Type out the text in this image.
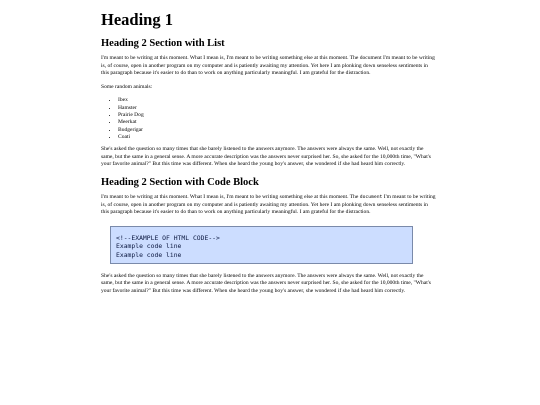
Heading 1
Heading 2 Section with List

I'm meant to be writing at this moment. What I mean is, I'm meant to be writing something else at this moment. The document I'm meant to be writing is, of course, open in another program on my computer and is patiently awaiting my attention. Yet here I am plonking down senseless sentiments in this paragraph because it's easier to do than to work on anything particularly meaningful. I am grateful for the distraction.

Some random animals:

• Ibex
• Hamster
• Prairie Dog
• Meerkat
• Budgerigar
• Coati

She's asked the question so many times that she barely listened to the answers anymore. The answers were always the same. Well, not exactly the same, but the same in a general sense. A more accurate description was the answers never surprised her. So, she asked for the 10,000th time, "What's your favorite animal?" But this time was different. When she heard the young boy's answer, she wondered if she had heard him correctly.

Heading 2 Section with Code Block

I'm meant to be writing at this moment. What I mean is, I'm meant to be writing something else at this moment. The document I'm meant to be writing is, of course, open in another program on my computer and is patiently awaiting my attention. Yet here I am plonking down senseless sentiments in this paragraph because it's easier to do than to work on anything particularly meaningful. I am grateful for the distraction.

<!--EXAMPLE OF HTML CODE-->
Example code line
Example code line

She's asked the question so many times that she barely listened to the answers anymore. The answers were always the same. Well, not exactly the same, but the same in a general sense. A more accurate description was the answers never surprised her. So, she asked for the 10,000th time, "What's your favorite animal?" But this time was different. When she heard the young boy's answer, she wondered if she had heard him correctly.
